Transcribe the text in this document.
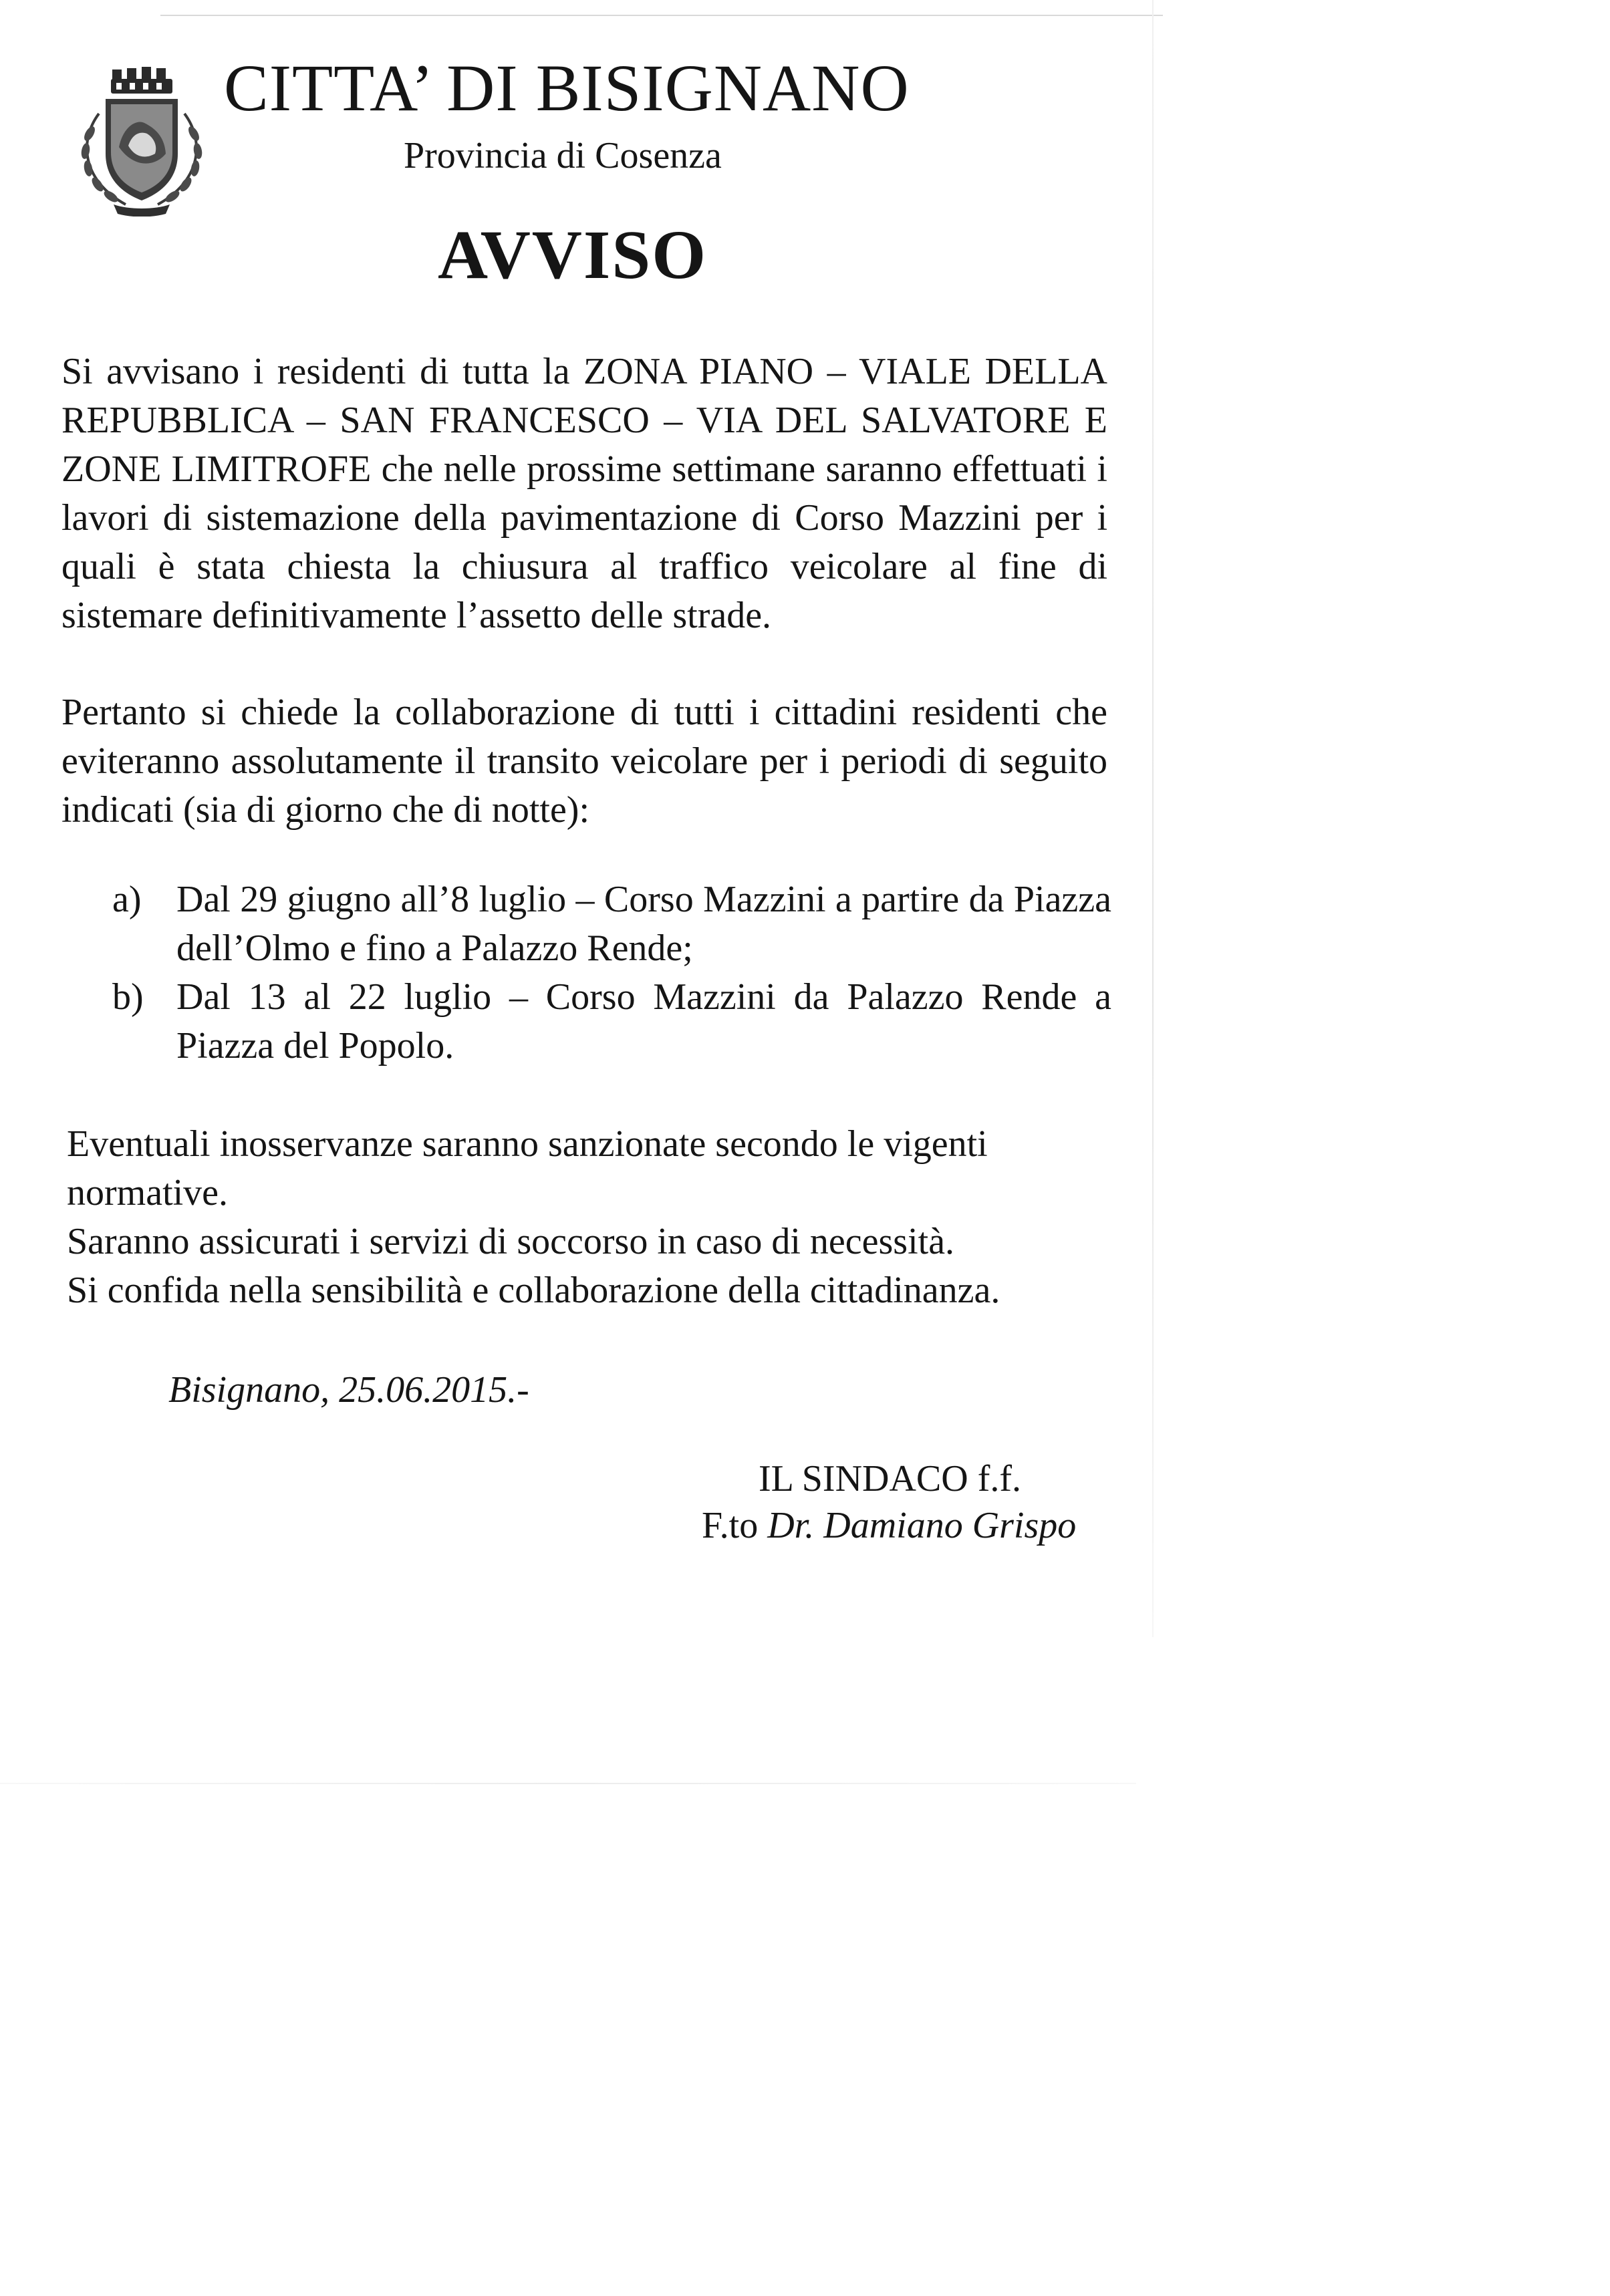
CITTA’ DI BISIGNANO
Provincia di Cosenza
AVVISO
Si avvisano i residenti di tutta la ZONA PIANO – VIALE DELLA REPUBBLICA – SAN FRANCESCO – VIA DEL SALVATORE E ZONE LIMITROFE che nelle prossime settimane saranno effettuati i lavori di sistemazione della pavimentazione di Corso Mazzini per i quali è stata chiesta la chiusura al traffico veicolare al fine di sistemare definitivamente l’assetto delle strade.
Pertanto si chiede la collaborazione di tutti i cittadini residenti che eviteranno assolutamente il transito veicolare per i periodi di seguito indicati (sia di giorno che di notte):
a) Dal 29 giugno all’8 luglio – Corso Mazzini a partire da Piazza dell’Olmo e fino a Palazzo Rende;
b) Dal 13 al 22 luglio – Corso Mazzini da Palazzo Rende a Piazza del Popolo.
Eventuali inosservanze saranno sanzionate secondo le vigenti
normative.
Saranno assicurati i servizi di soccorso in caso di necessità.
Si confida nella sensibilità e collaborazione della cittadinanza.
Bisignano, 25.06.2015.-
IL SINDACO f.f.
F.to Dr. Damiano Grispo
